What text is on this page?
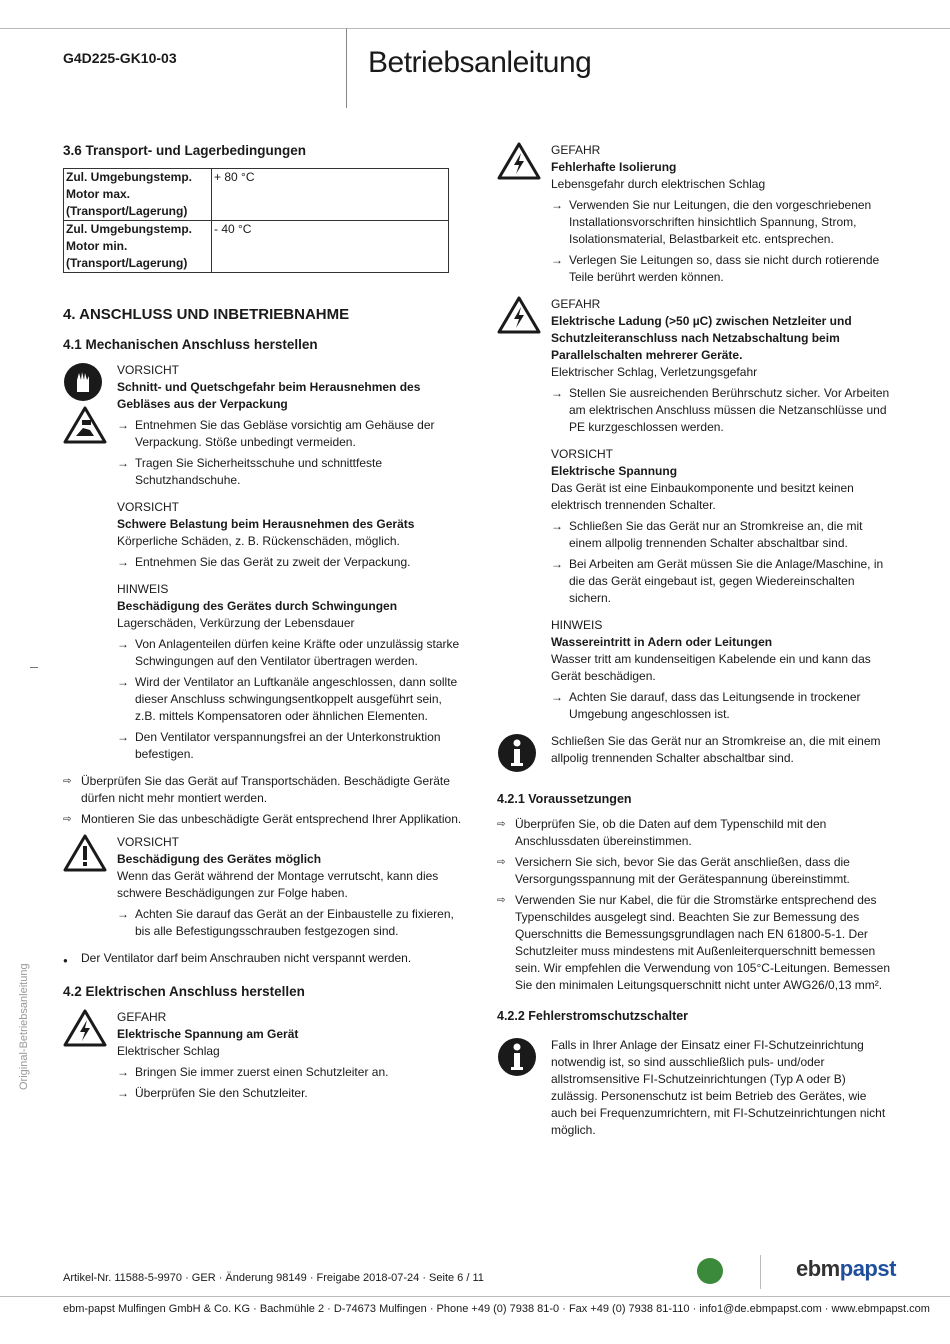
G4D225-GK10-03	Betriebsanleitung
Original-Betriebsanleitung
3.6 Transport- und Lagerbedingungen
Zul. Umgebungstemp. Motor max. (Transport/Lagerung)	+ 80 °C
Zul. Umgebungstemp. Motor min. (Transport/Lagerung)	- 40 °C
4. ANSCHLUSS UND INBETRIEBNAHME
4.1 Mechanischen Anschluss herstellen
VORSICHT
Schnitt- und Quetschgefahr beim Herausnehmen des Gebläses aus der Verpackung
→ Entnehmen Sie das Gebläse vorsichtig am Gehäuse der Verpackung. Stöße unbedingt vermeiden.
→ Tragen Sie Sicherheitsschuhe und schnittfeste Schutzhandschuhe.
VORSICHT
Schwere Belastung beim Herausnehmen des Geräts
Körperliche Schäden, z. B. Rückenschäden, möglich.
→ Entnehmen Sie das Gerät zu zweit der Verpackung.
HINWEIS
Beschädigung des Gerätes durch Schwingungen
Lagerschäden, Verkürzung der Lebensdauer
→ Von Anlagenteilen dürfen keine Kräfte oder unzulässig starke Schwingungen auf den Ventilator übertragen werden.
→ Wird der Ventilator an Luftkanäle angeschlossen, dann sollte dieser Anschluss schwingungsentkoppelt ausgeführt sein, z.B. mittels Kompensatoren oder ähnlichen Elementen.
→ Den Ventilator verspannungsfrei an der Unterkonstruktion befestigen.
⇨ Überprüfen Sie das Gerät auf Transportschäden. Beschädigte Geräte dürfen nicht mehr montiert werden.
⇨ Montieren Sie das unbeschädigte Gerät entsprechend Ihrer Applikation.
VORSICHT
Beschädigung des Gerätes möglich
Wenn das Gerät während der Montage verrutscht, kann dies schwere Beschädigungen zur Folge haben.
→ Achten Sie darauf das Gerät an der Einbaustelle zu fixieren, bis alle Befestigungsschrauben festgezogen sind.
●	Der Ventilator darf beim Anschrauben nicht verspannt werden.
4.2 Elektrischen Anschluss herstellen
GEFAHR
Elektrische Spannung am Gerät
Elektrischer Schlag
→ Bringen Sie immer zuerst einen Schutzleiter an.
→ Überprüfen Sie den Schutzleiter.
GEFAHR
Fehlerhafte Isolierung
Lebensgefahr durch elektrischen Schlag
→ Verwenden Sie nur Leitungen, die den vorgeschriebenen Installationsvorschriften hinsichtlich Spannung, Strom, Isolationsmaterial, Belastbarkeit etc. entsprechen.
→ Verlegen Sie Leitungen so, dass sie nicht durch rotierende Teile berührt werden können.
GEFAHR
Elektrische Ladung (>50 µC) zwischen Netzleiter und Schutzleiteranschluss nach Netzabschaltung beim Parallelschalten mehrerer Geräte.
Elektrischer Schlag, Verletzungsgefahr
→ Stellen Sie ausreichenden Berührschutz sicher. Vor Arbeiten am elektrischen Anschluss müssen die Netzanschlüsse und PE kurzgeschlossen werden.
VORSICHT
Elektrische Spannung
Das Gerät ist eine Einbaukomponente und besitzt keinen elektrisch trennenden Schalter.
→ Schließen Sie das Gerät nur an Stromkreise an, die mit einem allpolig trennenden Schalter abschaltbar sind.
→ Bei Arbeiten am Gerät müssen Sie die Anlage/Maschine, in die das Gerät eingebaut ist, gegen Wiedereinschalten sichern.
HINWEIS
Wassereintritt in Adern oder Leitungen
Wasser tritt am kundenseitigen Kabelende ein und kann das Gerät beschädigen.
→ Achten Sie darauf, dass das Leitungsende in trockener Umgebung angeschlossen ist.
Schließen Sie das Gerät nur an Stromkreise an, die mit einem allpolig trennenden Schalter abschaltbar sind.
4.2.1 Voraussetzungen
⇨ Überprüfen Sie, ob die Daten auf dem Typenschild mit den Anschlussdaten übereinstimmen.
⇨ Versichern Sie sich, bevor Sie das Gerät anschließen, dass die Versorgungsspannung mit der Gerätespannung übereinstimmt.
⇨ Verwenden Sie nur Kabel, die für die Stromstärke entsprechend des Typenschildes ausgelegt sind. Beachten Sie zur Bemessung des Querschnitts die Bemessungsgrundlagen nach EN 61800-5-1. Der Schutzleiter muss mindestens mit Außenleiterquerschnitt bemessen sein. Wir empfehlen die Verwendung von 105°C-Leitungen. Bemessen Sie den minimalen Leitungsquerschnitt nicht unter AWG26/0,13 mm².
4.2.2 Fehlerstromschutzschalter
Falls in Ihrer Anlage der Einsatz einer FI-Schutzeinrichtung notwendig ist, so sind ausschließlich puls- und/oder allstromsensitive FI-Schutzeinrichtungen (Typ A oder B) zulässig. Personenschutz ist beim Betrieb des Gerätes, wie auch bei Frequenzumrichtern, mit FI-Schutzeinrichtungen nicht möglich.
Artikel-Nr. 11588-5-9970 · GER · Änderung 98149 · Freigabe 2018-07-24 · Seite 6 / 11	ebmpapst
ebm-papst Mulfingen GmbH & Co. KG · Bachmühle 2 · D-74673 Mulfingen · Phone +49 (0) 7938 81-0 · Fax +49 (0) 7938 81-110 · info1@de.ebmpapst.com · www.ebmpapst.com
